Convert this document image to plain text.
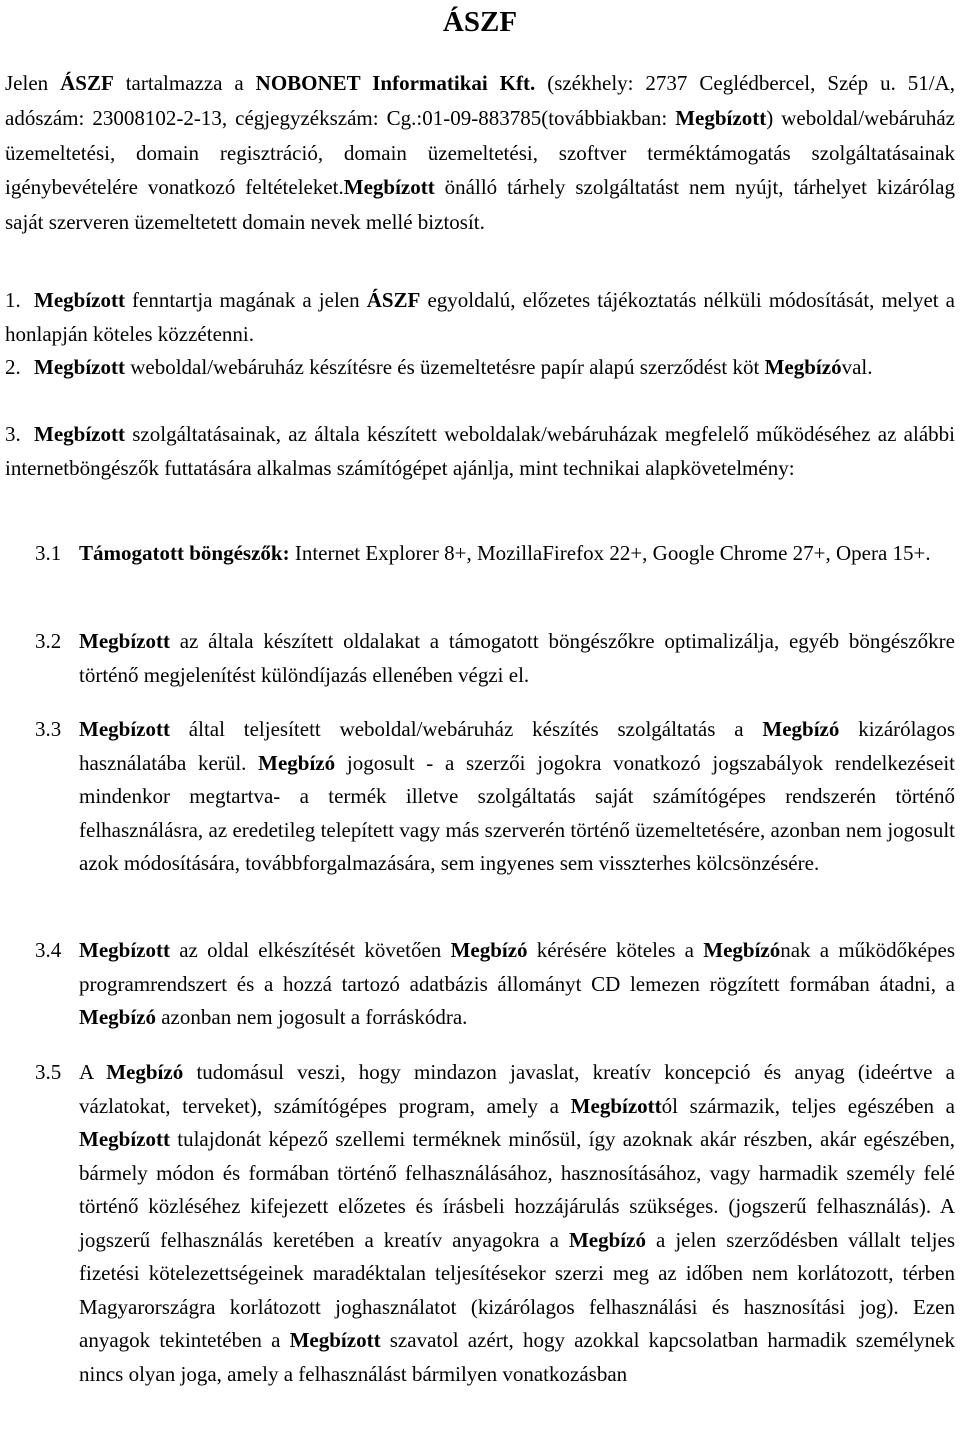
ÁSZF
Jelen ÁSZF tartalmazza a NOBONET Informatikai Kft. (székhely: 2737 Ceglédbercel, Szép u. 51/A, adószám: 23008102-2-13, cégjegyzékszám: Cg.:01-09-883785(továbbiakban: Megbízott) weboldal/webáruház üzemeltetési, domain regisztráció, domain üzemeltetési, szoftver terméktámogatás szolgáltatásainak igénybevételére vonatkozó feltételeket.Megbízott önálló tárhely szolgáltatást nem nyújt, tárhelyet kizárólag saját szerveren üzemeltetett domain nevek mellé biztosít.
1. Megbízott fenntartja magának a jelen ÁSZF egyoldalú, előzetes tájékoztatás nélküli módosítását, melyet a honlapján köteles közzétenni.
2. Megbízott weboldal/webáruház készítésre és üzemeltetésre papír alapú szerződést köt Megbízóval.
3. Megbízott szolgáltatásainak, az általa készített weboldalak/webáruházak megfelelő működéséhez az alábbi internetböngészők futtatására alkalmas számítógépet ajánlja, mint technikai alapkövetelmény:
3.1 Támogatott böngészők: Internet Explorer 8+, MozillaFirefox 22+, Google Chrome 27+, Opera 15+.
3.2 Megbízott az általa készített oldalakat a támogatott böngészőkre optimalizálja, egyéb böngészőkre történő megjelenítést különdíjazás ellenében végzi el.
3.3 Megbízott által teljesített weboldal/webáruház készítés szolgáltatás a Megbízó kizárólagos használatába kerül. Megbízó jogosult - a szerzői jogokra vonatkozó jogszabályok rendelkezéseit mindenkor megtartva- a termék illetve szolgáltatás saját számítógépes rendszerén történő felhasználásra, az eredetileg telepített vagy más szerverén történő üzemeltetésére, azonban nem jogosult azok módosítására, továbbforgalmazására, sem ingyenes sem visszterhes kölcsönzésére.
3.4 Megbízott az oldal elkészítését követően Megbízó kérésére köteles a Megbízónak a működőképes programrendszert és a hozzá tartozó adatbázis állományt CD lemezen rögzített formában átadni, a Megbízó azonban nem jogosult a forráskódra.
3.5 A Megbízó tudomásul veszi, hogy mindazon javaslat, kreatív koncepció és anyag (ideértve a vázlatokat, terveket), számítógépes program, amely a Megbízottól származik, teljes egészében a Megbízott tulajdonát képező szellemi terméknek minősül, így azoknak akár részben, akár egészében, bármely módon és formában történő felhasználásához, hasznosításához, vagy harmadik személy felé történő közléséhez kifejezett előzetes és írásbeli hozzájárulás szükséges. (jogszerű felhasználás). A jogszerű felhasználás keretében a kreatív anyagokra a Megbízó a jelen szerződésben vállalt teljes fizetési kötelezettségeinek maradéktalan teljesítésekor szerzi meg az időben nem korlátozott, térben Magyarországra korlátozott joghasználatot (kizárólagos felhasználási és hasznosítási jog). Ezen anyagok tekintetében a Megbízott szavatol azért, hogy azokkal kapcsolatban harmadik személynek nincs olyan joga, amely a felhasználást bármilyen vonatkozásban
